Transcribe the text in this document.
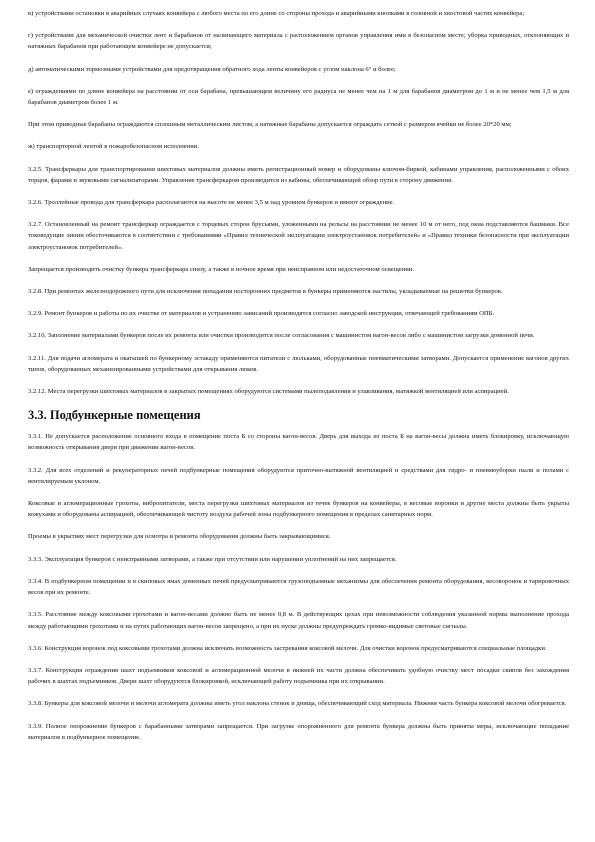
в) устройствами остановки в аварийных случаях конвейера с любого места по его длине со стороны прохода и аварийными кнопками в головной и хвостовой частях конвейера;

г) устройствами для механической очистки лент и барабанов от налипающего материала с расположением органов управления ими в безопасном месте; уборка приводных, отклоняющих и натяжных барабанов при работающем конвейере не допускается;

д) автоматическими тормозными устройствами для предотвращения обратного хода ленты конвейеров с углом наклона 6° и более;

е) ограждениями по длине конвейера на расстоянии от оси барабана, превышающем величину его радиуса не менее чем на 1 м для барабанов диаметром до 1 м и не менее чем 1,5 м для барабанов диаметром более 1 м.

При этом приводные барабаны ограждаются сплошным металлическим листом, а натяжные барабаны допускается ограждать сеткой с размером ячейки не более 20*20 мм;

ж) транспортерной лентой в пожаробезопасном исполнении.

3.2.5. Трансферкары для транспортирования шихтовых материалов должны иметь регистрационный номер и оборудованы ключом-биркой, кабинами управления, расположенными с обоих торцов, фарами и звуковыми сигнализаторами. Управление трансферкаром производится из кабины, обеспечивающей обзор пути в сторону движения.

3.2.6. Троллейные провода для трансферкара располагаются на высоте не менее 3,5 м над уровнем бункеров и имеют ограждение.

3.2.7. Остановленный на ремонт трансферкар ограждается с торцевых сторон брусьями, уложенными на рельсы на расстоянии не менее 10 м от него, под окна подставляются башмаки. Все токоведущие линии обесточиваются в соответствии с требованиями «Правил технической эксплуатации электроустановок потребителей» и «Правил техники безопасности при эксплуатации электроустановок потребителей».

Запрещается производить очистку бункера трансферкара снизу, а также в ночное время при неисправном или недостаточном освещении.

3.2.8. При ремонтах железнодорожного пути для исключения попадания посторонних предметов в бункеры применяются настилы, укладываемые на решетки бункеров.

3.2.9. Ремонт бункеров и работы по их очистке от материалов и устранению зависаний производятся согласно заводской инструкции, отвечающей требованиям ОПБ.

3.2.10. Заполнение материалами бункеров после их ремонта или очистки производится после согласования с машинистом вагон-весов либо с машинистом загрузки доменной печи.

3.2.11. Для подачи агломерата и окатышей по бункерному эстакаду применяются питатели с люльками, оборудованные пневматическими затворами. Допускается применение вагонов других типов, оборудованных механизированными устройствами для открывания люков.

3.2.12. Места перегрузки шихтовых материалов в закрытых помещениях оборудуются системами пылеподавления и улавливания, вытяжкой вентиляцией или аспирацией.

3.3. Подбункерные помещения

3.3.1. Не допускается расположение основного входа в помещение поста Б со стороны вагон-весов. Дверь для выхода из поста Б на вагон-весы должна иметь блокировку, исключающую возможность открывания двери при движении вагон-весов.

3.3.2. Для всех отделений и рекуператорных печей подбункерные помещения оборудуются приточно-вытяжной вентиляцией и средствами для гидро- и пневмоуборки пыли и полами с вентилируемым уклоном.

Коксовые и агломерационные грохоты, вибропитатели, места перегрузки шихтовых материалов из течек бункеров на конвейеры, в весовые воронки и другие места должны быть укрыты кожухами и оборудованы аспирацией, обеспечивающей чистоту воздуха рабочей зоны подбункерного помещения в пределах санитарных норм.

Проемы в укрытиях мест перегрузки для осмотра и ремонта оборудования должны быть закрывающимися.

3.3.3. Эксплуатация бункеров с неисправными затворами, а также при отсутствии или нарушении уплотнений на них запрещается.

3.3.4. В подбункерном помещении и в скиповых ямах доменных печей предусматриваются грузоподъемные механизмы для обеспечения ремонта оборудования, весоворонок и тарировочных весов при их ремонте.

3.3.5. Расстояние между коксовыми грохотами и вагон-весами должно быть не менее 0,8 м. В действующих цехах при невозможности соблюдения указанной нормы выполнение прохода между работающими грохотами и на путях работающих вагон-весов запрещено, а при их пуске должны предупреждать громко-видимые световые сигналы.

3.3.6. Конструкция воронок под коксовыми грохотами должна исключать возможность застревания коксовой мелочи. Для очистки воронок предусматриваются специальные площадки.

3.3.7. Конструкция ограждения шахт подъемников коксовой и агломерационной мелочи в нижней их части должна обеспечивать удобную очистку мест посадки скипов без захождения рабочих в шахтах подъемников. Двери шахт оборудуются блокировкой, исключающей работу подъемника при их открывании.

3.3.8. Бункеры для коксовой мелочи и мелочи агломерата должны иметь угол наклона стенок и днища, обеспечивающий сход материала. Нижняя часть бункера коксовой мелочи обогревается.

3.3.9. Полное опорожнение бункеров с барабанными затворами запрещается. При загрузке опорожненного для ремонта бункера должны быть приняты меры, исключающие попадание материалов в подбункерное помещение.
